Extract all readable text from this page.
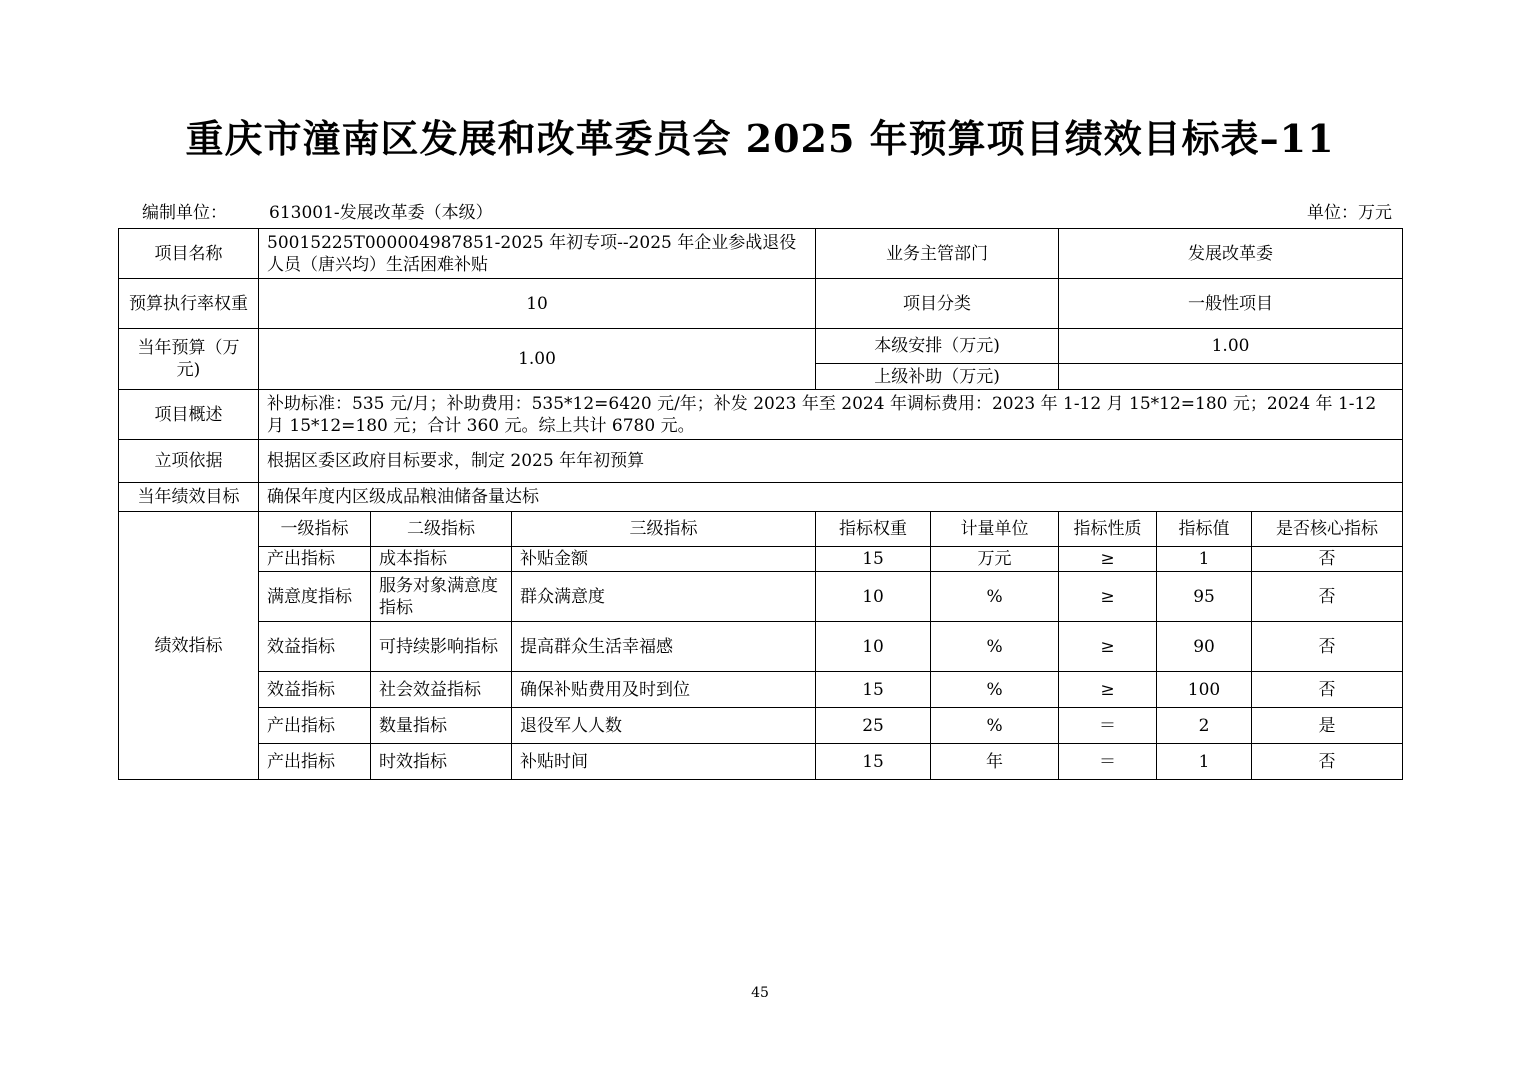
重庆市潼南区发展和改革委员会 2025 年预算项目绩效目标表–11
编制单位： 613001-发展改革委（本级）	单位：万元
项目名称	50015225T000004987851-2025 年初专项--2025 年企业参战退役人员（唐兴均）生活困难补贴			业务主管部门		发展改革委		
预算执行率权重	10			项目分类		一般性项目		
当年预算（万元)	1.00			本级安排（万元)		1.00		
				上级补助（万元)				
项目概述	补助标准：535 元/月；补助费用：535*12=6420 元/年；补发 2023 年至 2024 年调标费用：2023 年 1-12 月 15*12=180 元；2024 年 1-12 月 15*12=180 元；合计 360 元。综上共计 6780 元。							
立项依据	根据区委区政府目标要求，制定 2025 年年初预算							
当年绩效目标	确保年度内区级成品粮油储备量达标							
绩效指标	一级指标	二级指标	三级指标	指标权重	计量单位	指标性质	指标值	是否核心指标
	产出指标	成本指标	补贴金额	15	万元	≥	1	否
	满意度指标	服务对象满意度指标	群众满意度	10	%	≥	95	否
	效益指标	可持续影响指标	提高群众生活幸福感	10	%	≥	90	否
	效益指标	社会效益指标	确保补贴费用及时到位	15	%	≥	100	否
	产出指标	数量指标	退役军人人数	25	%	＝	2	是
	产出指标	时效指标	补贴时间	15	年	＝	1	否
45
